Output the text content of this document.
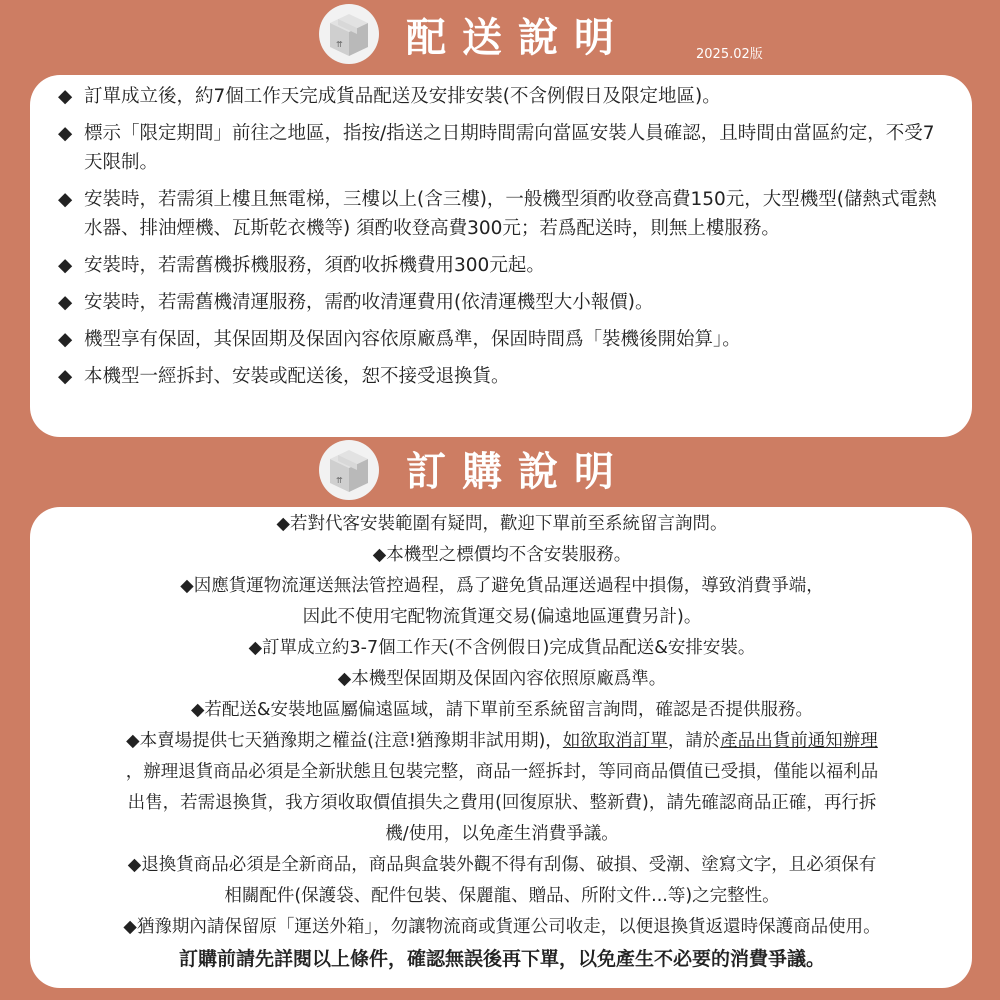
⇈ 配送說明	2025.02版
◆ 訂單成立後，約7個工作天完成貨品配送及安排安裝(不含例假日及限定地區)。
◆ 標示「限定期間」前往之地區，指按/指送之日期時間需向當區安裝人員確認，且時間由當區約定，不受7天限制。
◆ 安裝時，若需須上樓且無電梯，三樓以上(含三樓)，一般機型須酌收登高費150元，大型機型(儲熱式電熱水器、排油煙機、瓦斯乾衣機等) 須酌收登高費300元；若爲配送時，則無上樓服務。
◆ 安裝時，若需舊機拆機服務，須酌收拆機費用300元起。
◆ 安裝時，若需舊機清運服務，需酌收清運費用(依清運機型大小報價)。
◆ 機型享有保固，其保固期及保固內容依原廠爲準，保固時間爲「裝機後開始算」。
◆ 本機型一經拆封、安裝或配送後，恕不接受退換貨。
⇈ 訂購說明
◆若對代客安裝範圍有疑問，歡迎下單前至系統留言詢問。
◆本機型之標價均不含安裝服務。
◆因應貨運物流運送無法管控過程，爲了避免貨品運送過程中損傷，導致消費爭端，
因此不使用宅配物流貨運交易(偏遠地區運費另計)。
◆訂單成立約3-7個工作天(不含例假日)完成貨品配送&安排安裝。
◆本機型保固期及保固內容依照原廠爲準。
◆若配送&安裝地區屬偏遠區域，請下單前至系統留言詢問，確認是否提供服務。
◆本賣場提供七天猶豫期之權益(注意!猶豫期非試用期)，如欲取消訂單，請於產品出貨前通知辦理
，辦理退貨商品必須是全新狀態且包裝完整，商品一經拆封，等同商品價值已受損，僅能以福利品
出售，若需退換貨，我方須收取價值損失之費用(回復原狀、整新費)，請先確認商品正確，再行拆
機/使用，以免產生消費爭議。
◆退換貨商品必須是全新商品，商品與盒裝外觀不得有刮傷、破損、受潮、塗寫文字，且必須保有
相關配件(保護袋、配件包裝、保麗龍、贈品、所附文件...等)之完整性。
◆猶豫期內請保留原「運送外箱」，勿讓物流商或貨運公司收走，以便退換貨返還時保護商品使用。
訂購前請先詳閱以上條件，確認無誤後再下單，以免產生不必要的消費爭議。
